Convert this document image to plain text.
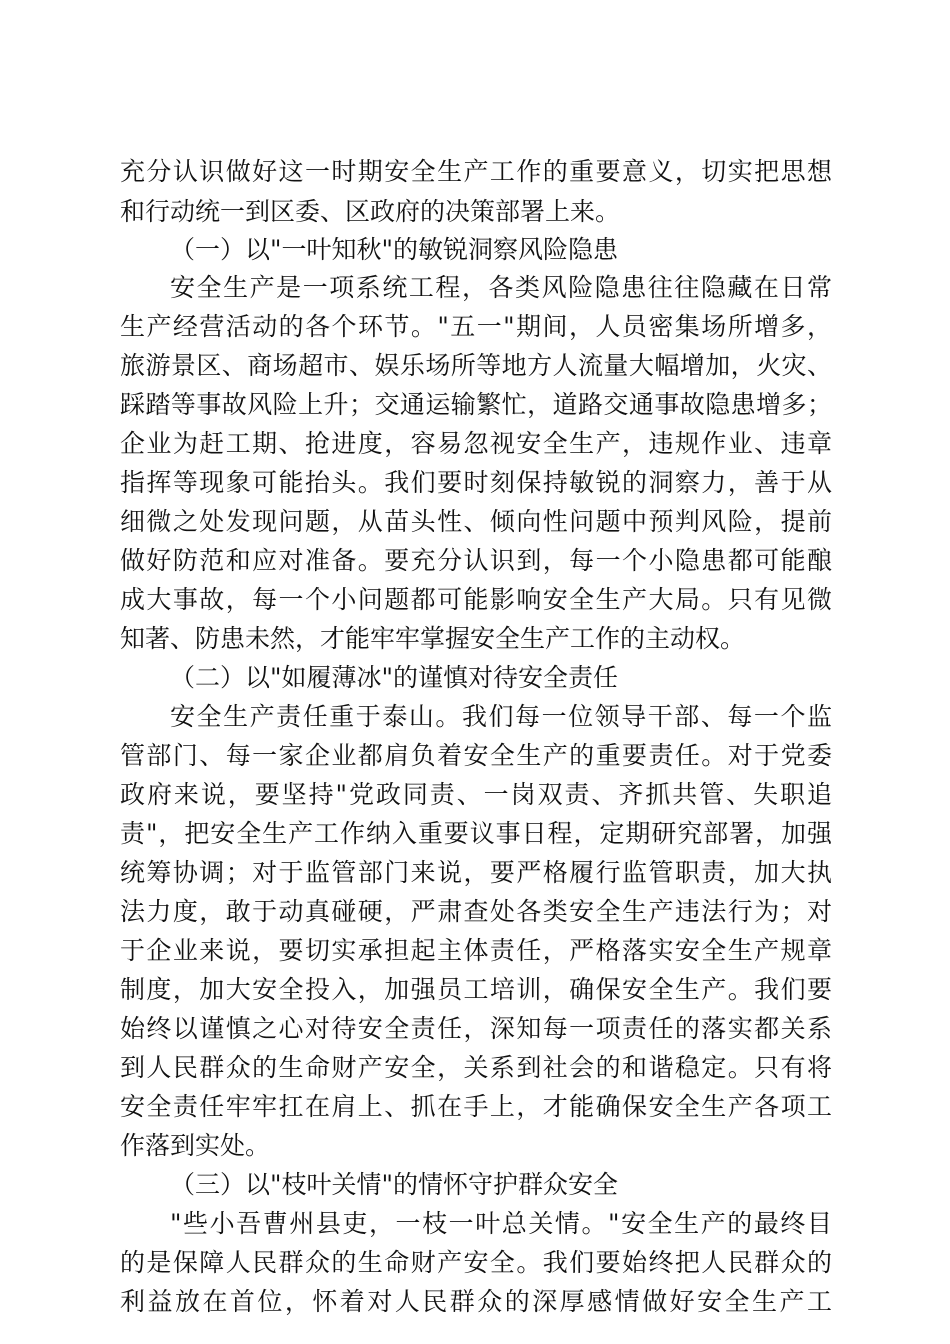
充分认识做好这一时期安全生产工作的重要意义，切实把思想
和行动统一到区委、区政府的决策部署上来。
（一）以"一叶知秋"的敏锐洞察风险隐患
安全生产是一项系统工程，各类风险隐患往往隐藏在日常
生产经营活动的各个环节。"五一"期间，人员密集场所增多，
旅游景区、商场超市、娱乐场所等地方人流量大幅增加，火灾、
踩踏等事故风险上升；交通运输繁忙，道路交通事故隐患增多；
企业为赶工期、抢进度，容易忽视安全生产，违规作业、违章
指挥等现象可能抬头。我们要时刻保持敏锐的洞察力，善于从
细微之处发现问题，从苗头性、倾向性问题中预判风险，提前
做好防范和应对准备。要充分认识到，每一个小隐患都可能酿
成大事故，每一个小问题都可能影响安全生产大局。只有见微
知著、防患未然，才能牢牢掌握安全生产工作的主动权。
（二）以"如履薄冰"的谨慎对待安全责任
安全生产责任重于泰山。我们每一位领导干部、每一个监
管部门、每一家企业都肩负着安全生产的重要责任。对于党委
政府来说，要坚持"党政同责、一岗双责、齐抓共管、失职追
责"，把安全生产工作纳入重要议事日程，定期研究部署，加强
统筹协调；对于监管部门来说，要严格履行监管职责，加大执
法力度，敢于动真碰硬，严肃查处各类安全生产违法行为；对
于企业来说，要切实承担起主体责任，严格落实安全生产规章
制度，加大安全投入，加强员工培训，确保安全生产。我们要
始终以谨慎之心对待安全责任，深知每一项责任的落实都关系
到人民群众的生命财产安全，关系到社会的和谐稳定。只有将
安全责任牢牢扛在肩上、抓在手上，才能确保安全生产各项工
作落到实处。
（三）以"枝叶关情"的情怀守护群众安全
"些小吾曹州县吏，一枝一叶总关情。"安全生产的最终目
的是保障人民群众的生命财产安全。我们要始终把人民群众的
利益放在首位，怀着对人民群众的深厚感情做好安全生产工
